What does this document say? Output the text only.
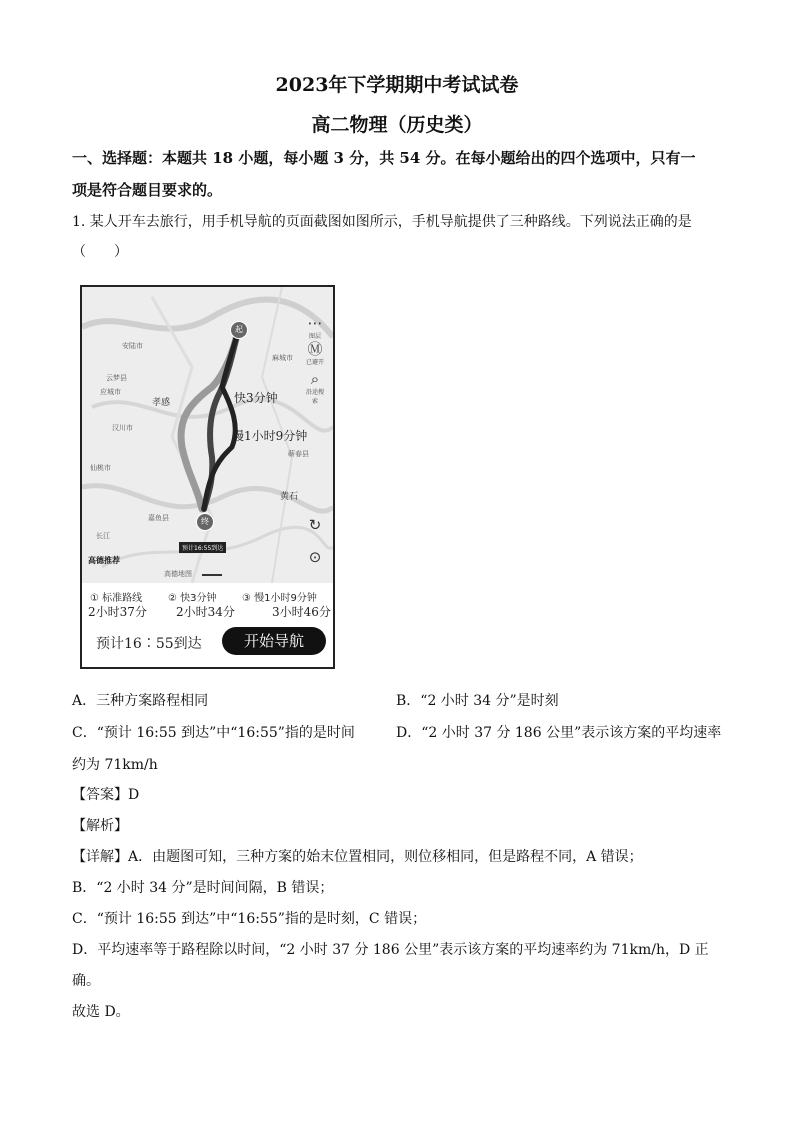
2023年下学期期中考试试卷
高二物理（历史类）
一、选择题：本题共 18 小题，每小题 3 分，共 54 分。在每小题给出的四个选项中，只有一
项是符合题目要求的。
1. 某人开车去旅行，用手机导航的页面截图如图所示，手机导航提供了三种路线。下列说法正确的是
（　　）
安陆市
云梦县
应城市
孝感
汉川市
仙桃市
嘉鱼县
长江
麻城市
蕲春县
黄石
起
终
预计16:55到达
快3分钟
慢1小时9分钟
⋯
图层
Ⓜ
已避开
⌕
沿途搜索
↻
⊙
高德推荐
高德地图
① 标准路线	② 快3分钟	③ 慢1小时9分钟
2小时37分 2小时34分	3小时46分
预计16∶55到达	开始导航
A．三种方案路程相同	B．“2 小时 34 分”是时刻
C．“预计 16:55 到达”中“16:55”指的是时间	D．“2 小时 37 分 186 公里”表示该方案的平均速率
约为 71km/h
【答案】D
【解析】
【详解】A．由题图可知，三种方案的始末位置相同，则位移相同，但是路程不同，A 错误；
B．“2 小时 34 分”是时间间隔，B 错误；
C．“预计 16:55 到达”中“16:55”指的是时刻，C 错误；
D．平均速率等于路程除以时间，“2 小时 37 分 186 公里”表示该方案的平均速率约为 71km/h，D 正
确。
故选 D。
